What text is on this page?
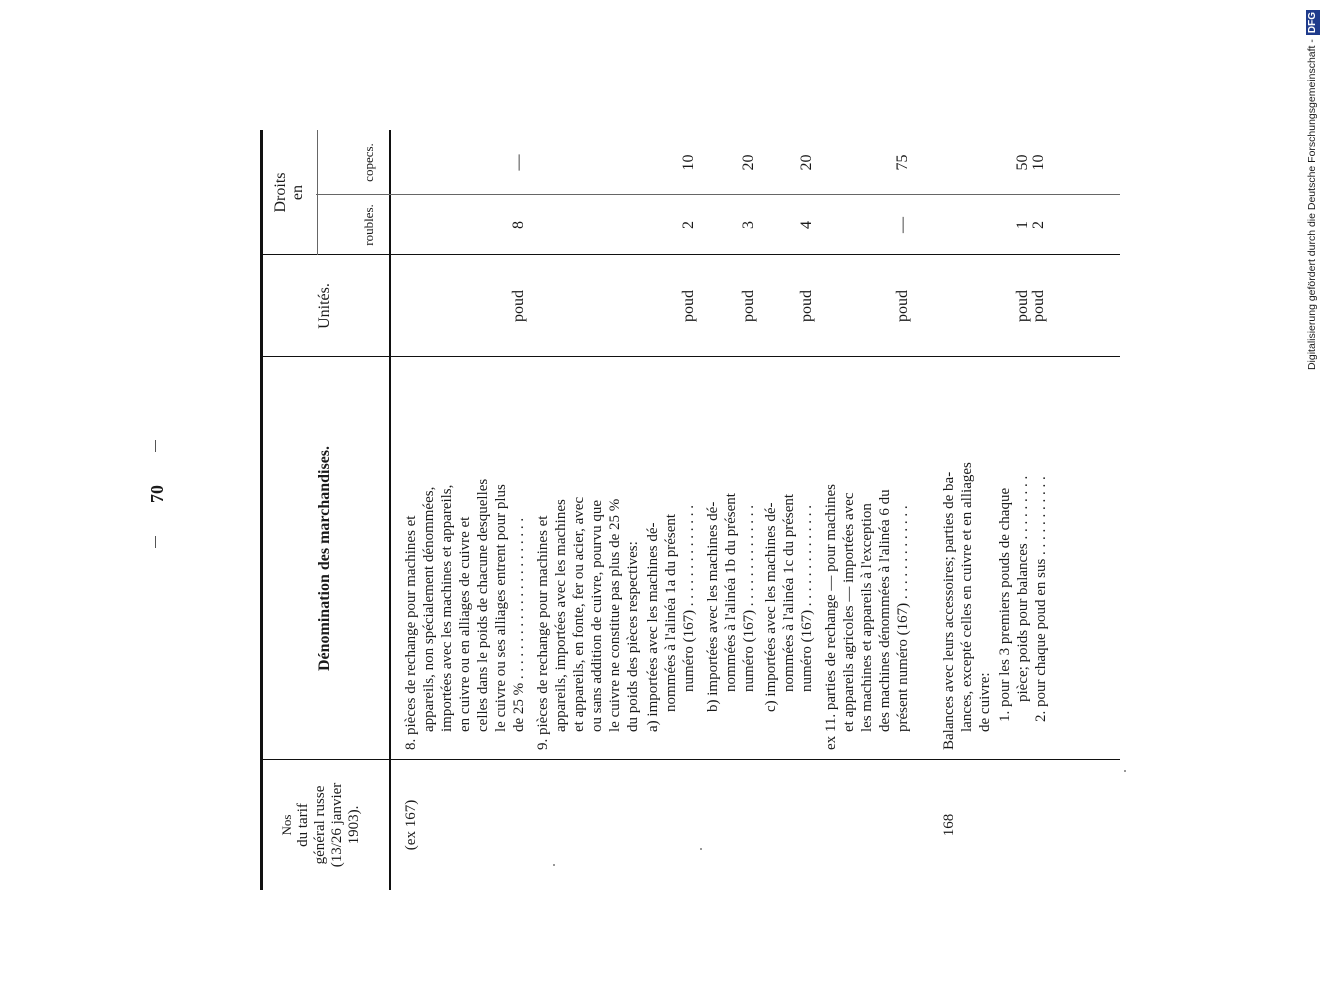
70
Nos du tarif général russe (13/26 janvier 1903).
Dénomination des marchandises.
Unités.
Droits en
roubles.
copecs.
(ex 167)
8. pièces de rechange pour machines et appareils, non spécialement dénommées, importées avec les machines et appareils, en cuivre ou en alliages de cuivre et celles dans le poids de chacune desquelles le cuivre ou ses alliages entrent pour plus de 25 % . . . . . . . . . . . . . . . . . . . . . . 9. pièces de rechange pour machines et appareils, importées avec les machines et appareils, en fonte, fer ou acier, avec ou sans addition de cuivre, pourvu que le cuivre ne constitue pas plus de 25 % du poids des pièces respectives: a) importées avec les machines dé- nommées à l'alinéa 1a du présent numéro (167) . . . . . . . . . . . . . . b) importées avec les machines dé- nommées à l'alinéa 1b du présent numéro (167) . . . . . . . . . . . . . . c) importées avec les machines dé- nommées à l'alinéa 1c du présent numéro (167) . . . . . . . . . . . . . . ex 11. parties de rechange — pour machines et appareils agricoles — importées avec les machines et appareils à l'exception des machines dénommées à l'alinéa 6 du présent numéro (167) . . . . . . . . . . . . .
168
Balances avec leurs accessoires; parties de ba- lances, excepté celles en cuivre et en alliages de cuivre: 1. pour les 3 premiers pouds de chaque pièce; poids pour balances . . . . . . . . . 2. pour chaque poud en sus . . . . . . . . . . .
poud
8
—
poud
2
10
poud
3
20
poud
4
20
poud
—
75
poud
1
50
poud
2
10	Digitalisierung gefördert durch die Deutsche Forschungsgemeinschaft -DFG
